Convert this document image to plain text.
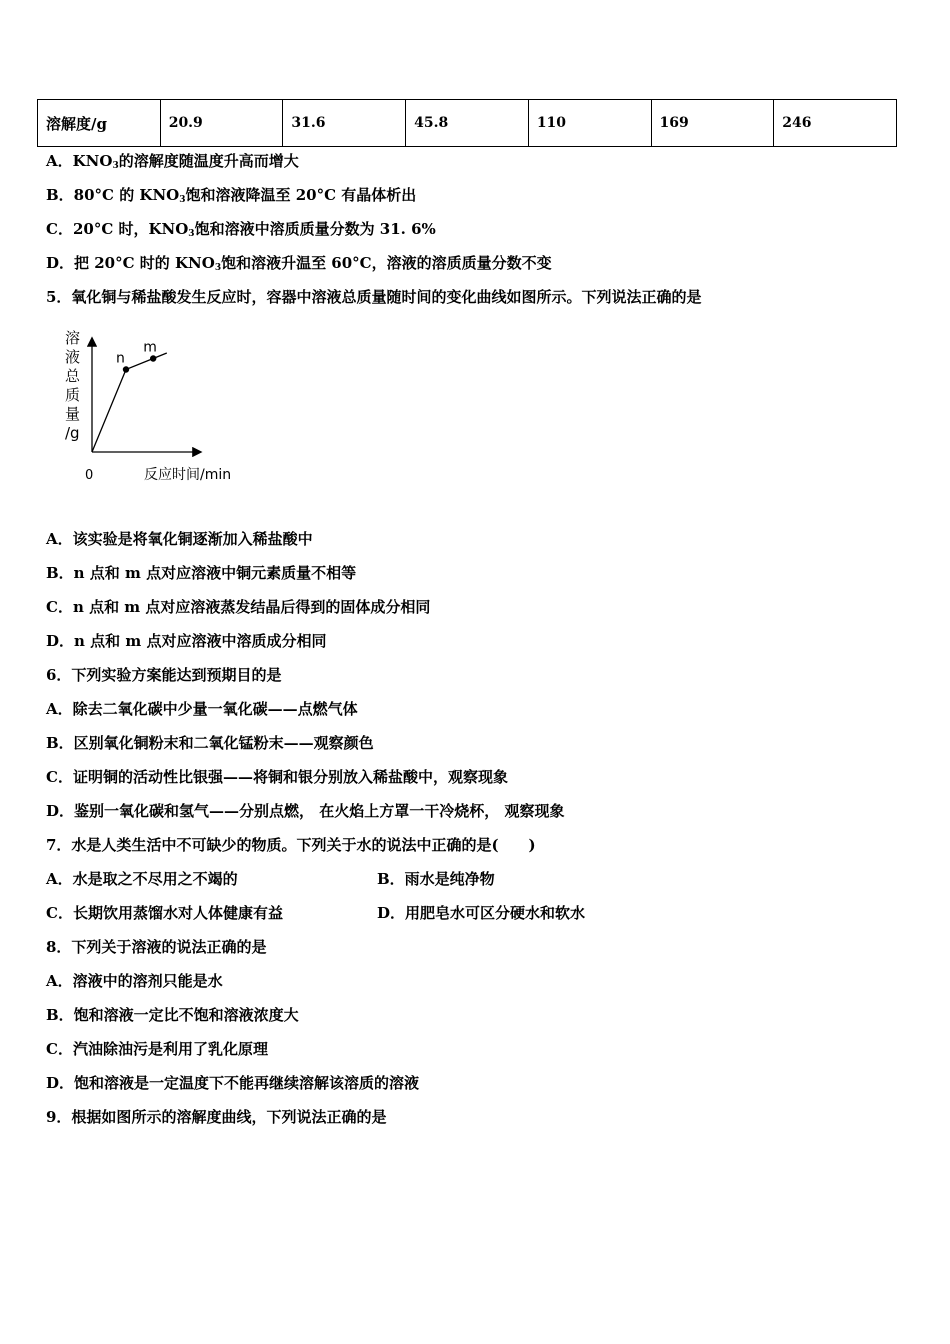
溶解度/g	20.9	31.6	45.8	110	169	246
A．$KNO_3$的溶解度随温度升高而增大
B．80°C 的 $KNO_3$饱和溶液降温至 20°C 有晶体析出
C．20°C 时，$KNO_3$饱和溶液中溶质质量分数为 31. 6%
D．把 20°C 时的 $KNO_3$饱和溶液升温至 60°C，溶液的溶质质量分数不变
5．氧化铜与稀盐酸发生反应时，容器中溶液总质量随时间的变化曲线如图所示。下列说法正确的是
n
m
溶
液
总
质
量
/g
0	反应时间/min
A．该实验是将氧化铜逐渐加入稀盐酸中
B．n 点和 m 点对应溶液中铜元素质量不相等
C．n 点和 m 点对应溶液蒸发结晶后得到的固体成分相同
D．n 点和 m 点对应溶液中溶质成分相同
6．下列实验方案能达到预期目的是
A．除去二氧化碳中少量一氧化碳——点燃气体
B．区别氧化铜粉末和二氧化锰粉末——观察颜色
C．证明铜的活动性比银强——将铜和银分别放入稀盐酸中，观察现象
D．鉴别一氧化碳和氢气——分别点燃， 在火焰上方罩一干冷烧杯， 观察现象
7．水是人类生活中不可缺少的物质。下列关于水的说法中正确的是(　　)
A．水是取之不尽用之不竭的	B．雨水是纯净物
C．长期饮用蒸馏水对人体健康有益	D．用肥皂水可区分硬水和软水
8．下列关于溶液的说法正确的是
A．溶液中的溶剂只能是水
B．饱和溶液一定比不饱和溶液浓度大
C．汽油除油污是利用了乳化原理
D．饱和溶液是一定温度下不能再继续溶解该溶质的溶液
9．根据如图所示的溶解度曲线，下列说法正确的是
